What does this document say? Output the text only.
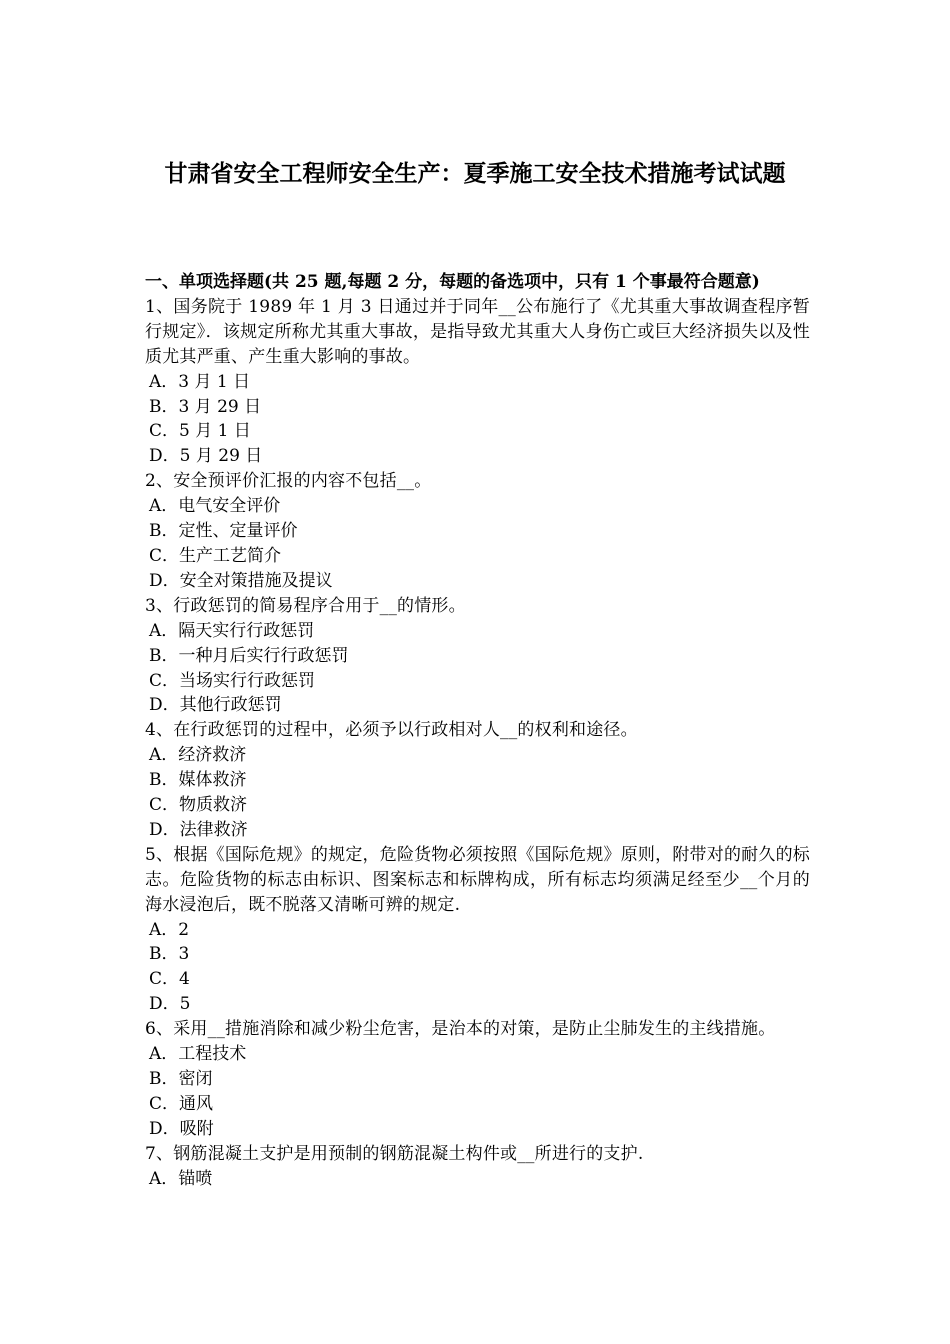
甘肃省安全工程师安全生产：夏季施工安全技术措施考试试题
一、单项选择题(共 25 题,每题 2 分，每题的备选项中，只有 1 个事最符合题意)
1、国务院于 1989 年 1 月 3 日通过并于同年__公布施行了《尤其重大事故调查程序暂行规定》．该规定所称尤其重大事故，是指导致尤其重大人身伤亡或巨大经济损失以及性质尤其严重、产生重大影响的事故。
A．3 月 1 日
B．3 月 29 日
C．5 月 1 日
D．5 月 29 日
2、安全预评价汇报的内容不包括__。
A．电气安全评价
B．定性、定量评价
C．生产工艺简介
D．安全对策措施及提议
3、行政惩罚的简易程序合用于__的情形。
A．隔天实行行政惩罚
B．一种月后实行行政惩罚
C．当场实行行政惩罚
D．其他行政惩罚
4、在行政惩罚的过程中，必须予以行政相对人__的权利和途径。
A．经济救济
B．媒体救济
C．物质救济
D．法律救济
5、根据《国际危规》的规定，危险货物必须按照《国际危规》原则，附带对的耐久的标志。危险货物的标志由标识、图案标志和标牌构成，所有标志均须满足经至少__个月的海水浸泡后，既不脱落又清晰可辨的规定.
A．2
B．3
C．4
D．5
6、采用__措施消除和减少粉尘危害，是治本的对策，是防止尘肺发生的主线措施。
A．工程技术
B．密闭
C．通风
D．吸附
7、钢筋混凝土支护是用预制的钢筋混凝土构件或__所进行的支护.
A．锚喷
